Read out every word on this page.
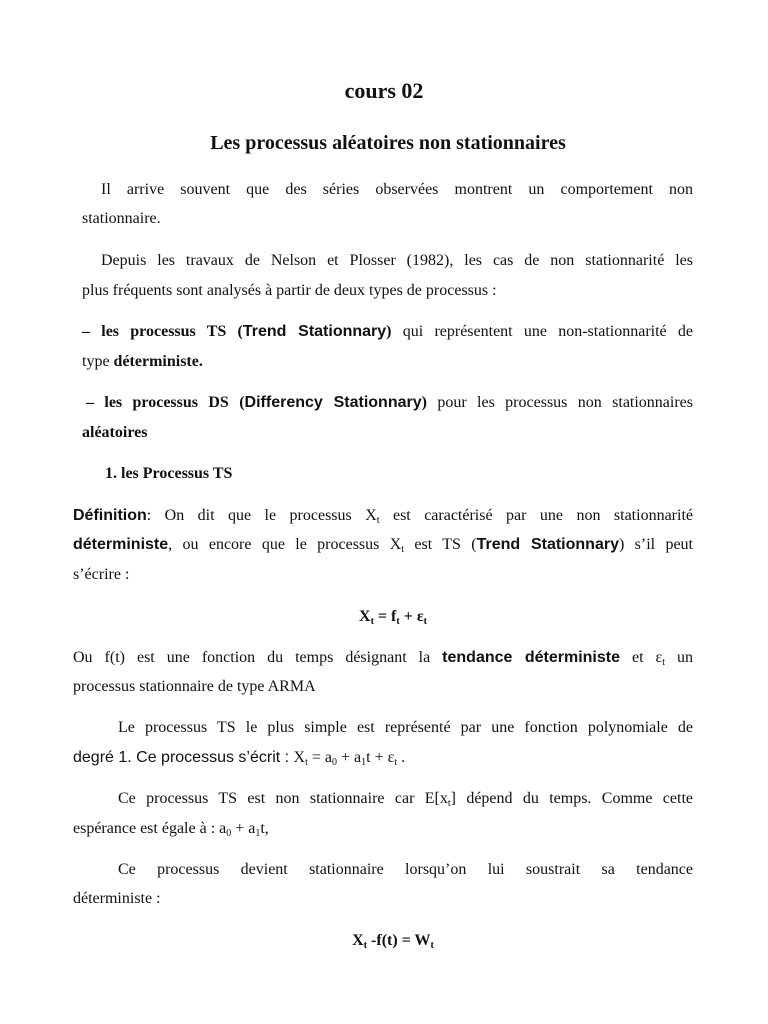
cours 02
Les processus aléatoires non stationnaires
Il arrive souvent que des séries observées montrent un comportement non
stationnaire.
Depuis les travaux de Nelson et Plosser (1982), les cas de non stationnarité les
plus fréquents sont analysés à partir de deux types de processus :
– les processus TS (Trend Stationnary) qui représentent une non-stationnarité de
type déterministe.
– les processus DS (Differency Stationnary) pour les processus non stationnaires
aléatoires
1. les Processus TS
Définition: On dit que le processus $X_t$ est caractérisé par une non stationnarité
déterministe, ou encore que le processus $X_t$ est TS (Trend Stationnary) s’il peut
s’écrire :
$X_t = f_t + \varepsilon_t$
Ou f(t) est une fonction du temps désignant la tendance déterministe et $\varepsilon_t$ un
processus stationnaire de type ARMA
Le processus TS le plus simple est représenté par une fonction polynomiale de
degré 1. Ce processus s’écrit : $X_t = a_0 + a_1t + \varepsilon_t$ .
Ce processus TS est non stationnaire car $E[x_t]$ dépend du temps. Comme cette
espérance est égale à : $a_0 + a_1t$,
Ce processus devient stationnaire lorsqu’on lui soustrait sa tendance
déterministe :
$X_t$ $-f(t) = W_t$
